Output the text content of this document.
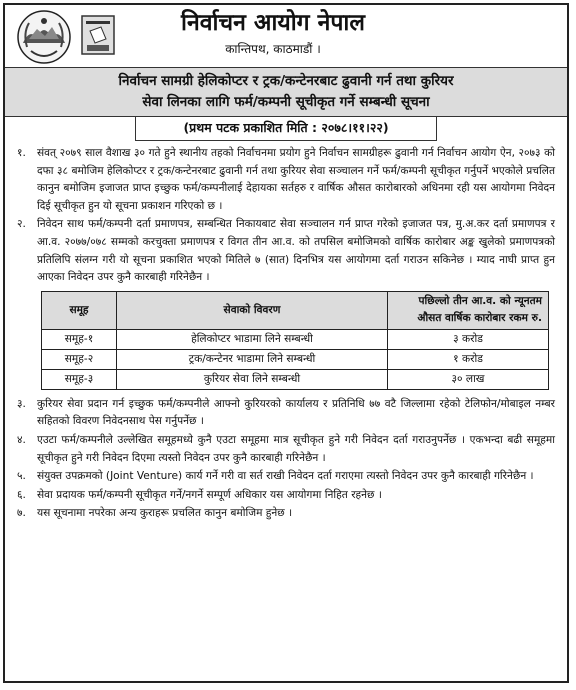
निर्वाचन आयोग नेपाल
कान्तिपथ, काठमाडौं ।
निर्वाचन सामग्री हेलिकोप्टर र ट्रक/कन्टेनरबाट ढुवानी गर्न तथा कुरियर
सेवा लिनका लागि फर्म/कम्पनी सूचीकृत गर्ने सम्बन्धी सूचना
(प्रथम पटक प्रकाशित मिति : २०७८।११।२२)
१. संवत् २०७९ साल वैशाख ३० गते हुने स्थानीय तहको निर्वाचनमा प्रयोग हुने निर्वाचन सामग्रीहरू ढुवानी गर्न निर्वाचन आयोग ऐन, २०७३ को दफा ३८ बमोजिम हेलिकोप्टर र ट्रक/कन्टेनरबाट ढुवानी गर्न तथा कुरियर सेवा सञ्चालन गर्ने फर्म/कम्पनी सूचीकृत गर्नुपर्ने भएकोले प्रचलित कानुन बमोजिम इजाजत प्राप्त इच्छुक फर्म/कम्पनीलाई देहायका सर्तहरु र वार्षिक औसत कारोबारको अधिनमा रही यस आयोगमा निवेदन दिई सूचीकृत हुन यो सूचना प्रकाशन गरिएको छ ।
२. निवेदन साथ फर्म/कम्पनी दर्ता प्रमाणपत्र, सम्बन्धित निकायबाट सेवा सञ्चालन गर्न प्राप्त गरेको इजाजत पत्र, मु.अ.कर दर्ता प्रमाणपत्र र आ.व. २०७७/०७८ सम्मको करचुक्ता प्रमाणपत्र र विगत तीन आ.व. को तपसिल बमोजिमको वार्षिक कारोबार अङ्क खुलेको प्रमाणपत्रको प्रतिलिपि संलग्न गरी यो सूचना प्रकाशित भएको मितिले ७ (सात) दिनभित्र यस आयोगमा दर्ता गराउन सकिनेछ । म्याद नाघी प्राप्त हुन आएका निवेदन उपर कुनै कारबाही गरिनेछैन ।
समूह	सेवाको विवरण	पछिल्लो तीन आ.व. को न्यूनतम
औसत वार्षिक कारोबार रकम रु.

समूह-१	हेलिकोप्टर भाडामा लिने सम्बन्धी	३ करोड
समूह-२	ट्रक/कन्टेनर भाडामा लिने सम्बन्धी	१ करोड
समूह-३	कुरियर सेवा लिने सम्बन्धी	३० लाख
३. कुरियर सेवा प्रदान गर्न इच्छुक फर्म/कम्पनीले आफ्नो कुरियरको कार्यालय र प्रतिनिधि ७७ वटै जिल्लामा रहेको टेलिफोन/मोबाइल नम्बर सहितको विवरण निवेदनसाथ पेस गर्नुपर्नेछ ।
४. एउटा फर्म/कम्पनीले उल्लेखित समूहमध्ये कुनै एउटा समूहमा मात्र सूचीकृत हुने गरी निवेदन दर्ता गराउनुपर्नेछ । एकभन्दा बढी समूहमा सूचीकृत हुने गरी निवेदन दिएमा त्यस्तो निवेदन उपर कुनै कारबाही गरिनेछैन ।
५. संयुक्त उपक्रमको (Joint Venture) कार्य गर्ने गरी वा सर्त राखी निवेदन दर्ता गराएमा त्यस्तो निवेदन उपर कुनै कारबाही गरिनेछैन ।
६. सेवा प्रदायक फर्म/कम्पनी सूचीकृत गर्ने/नगर्ने सम्पूर्ण अधिकार यस आयोगमा निहित रहनेछ ।
७. यस सूचनामा नपरेका अन्य कुराहरू प्रचलित कानुन बमोजिम हुनेछ ।
